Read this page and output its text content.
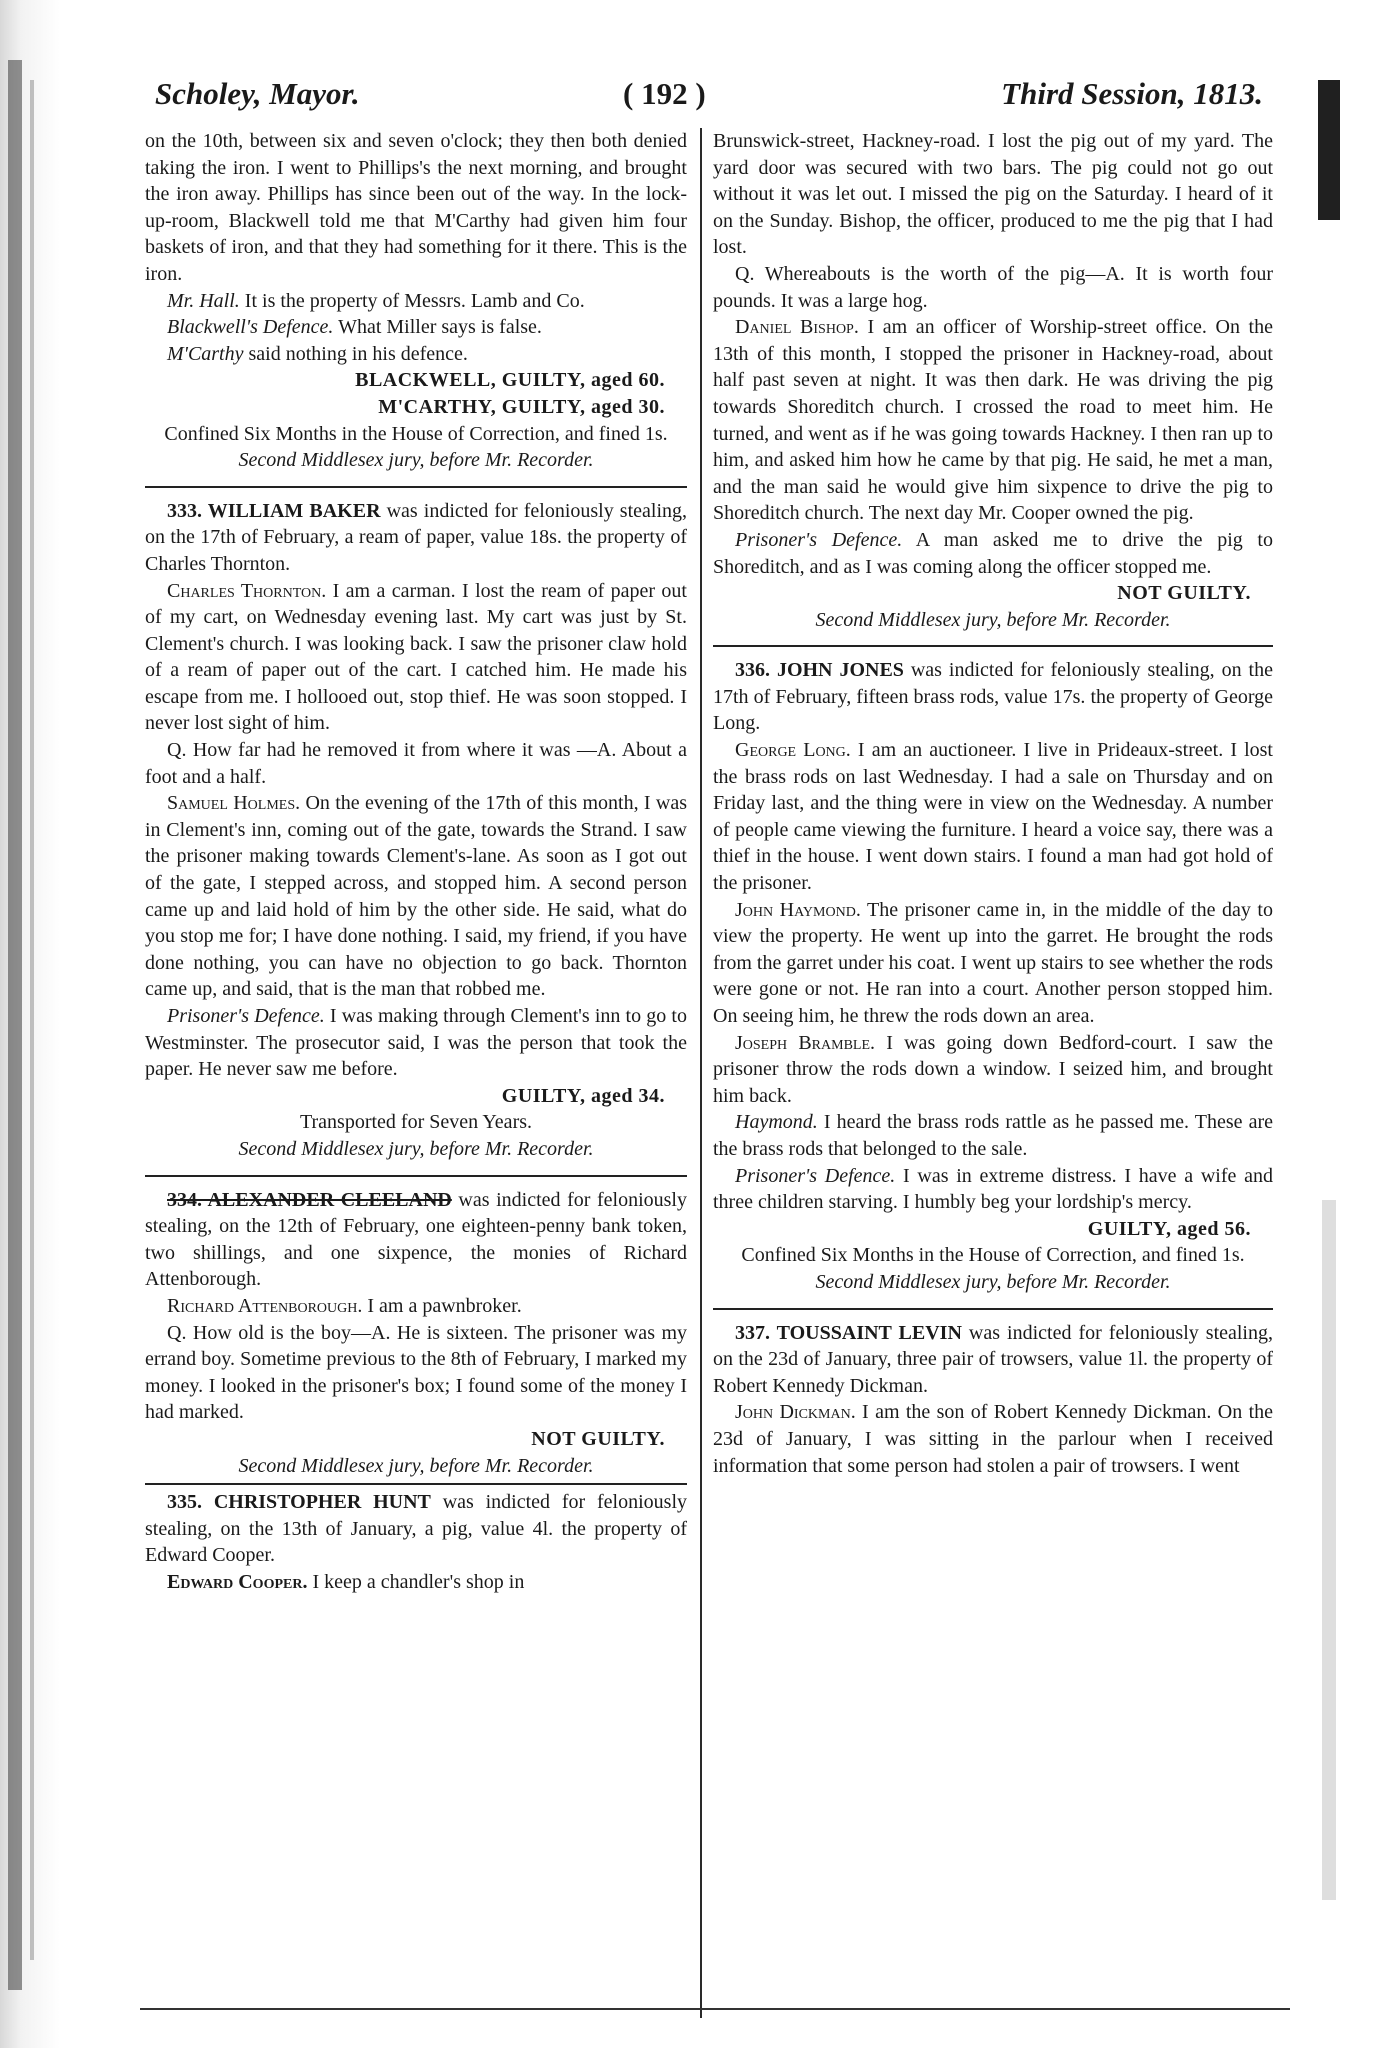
Scholey, Mayor.	( 192 )	Third Session, 1813.

on the 10th, between six and seven o'clock; they then both denied taking the iron. I went to Phillips's the next morning, and brought the iron away. Phillips has since been out of the way. In the lock-up-room, Blackwell told me that M'Carthy had given him four baskets of iron, and that they had something for it there. This is the iron.

Mr. Hall. It is the property of Messrs. Lamb and Co.

Blackwell's Defence. What Miller says is false.

M'Carthy said nothing in his defence.

BLACKWELL, GUILTY, aged 60.

M'CARTHY, GUILTY, aged 30.

Confined Six Months in the House of Correction, and fined 1s.

Second Middlesex jury, before Mr. Recorder.

333. WILLIAM BAKER was indicted for feloniously stealing, on the 17th of February, a ream of paper, value 18s. the property of Charles Thornton.

Charles Thornton. I am a carman. I lost the ream of paper out of my cart, on Wednesday evening last. My cart was just by St. Clement's church. I was looking back. I saw the prisoner claw hold of a ream of paper out of the cart. I catched him. He made his escape from me. I hollooed out, stop thief. He was soon stopped. I never lost sight of him.

Q. How far had he removed it from where it was —A. About a foot and a half.

Samuel Holmes. On the evening of the 17th of this month, I was in Clement's inn, coming out of the gate, towards the Strand. I saw the prisoner making towards Clement's-lane. As soon as I got out of the gate, I stepped across, and stopped him. A second person came up and laid hold of him by the other side. He said, what do you stop me for; I have done nothing. I said, my friend, if you have done nothing, you can have no objection to go back. Thornton came up, and said, that is the man that robbed me.

Prisoner's Defence. I was making through Clement's inn to go to Westminster. The prosecutor said, I was the person that took the paper. He never saw me before.

GUILTY, aged 34.

Transported for Seven Years.

Second Middlesex jury, before Mr. Recorder.

334. ALEXANDER CLEELAND was indicted for feloniously stealing, on the 12th of February, one eighteen-penny bank token, two shillings, and one sixpence, the monies of Richard Attenborough.

Richard Attenborough. I am a pawnbroker.

Q. How old is the boy—A. He is sixteen. The prisoner was my errand boy. Sometime previous to the 8th of February, I marked my money. I looked in the prisoner's box; I found some of the money I had marked.

NOT GUILTY.

Second Middlesex jury, before Mr. Recorder.

335. CHRISTOPHER HUNT was indicted for feloniously stealing, on the 13th of January, a pig, value 4l. the property of Edward Cooper.

Edward Cooper. I keep a chandler's shop in

Brunswick-street, Hackney-road. I lost the pig out of my yard. The yard door was secured with two bars. The pig could not go out without it was let out. I missed the pig on the Saturday. I heard of it on the Sunday. Bishop, the officer, produced to me the pig that I had lost.

Q. Whereabouts is the worth of the pig—A. It is worth four pounds. It was a large hog.

Daniel Bishop. I am an officer of Worship-street office. On the 13th of this month, I stopped the prisoner in Hackney-road, about half past seven at night. It was then dark. He was driving the pig towards Shoreditch church. I crossed the road to meet him. He turned, and went as if he was going towards Hackney. I then ran up to him, and asked him how he came by that pig. He said, he met a man, and the man said he would give him sixpence to drive the pig to Shoreditch church. The next day Mr. Cooper owned the pig.

Prisoner's Defence. A man asked me to drive the pig to Shoreditch, and as I was coming along the officer stopped me.

NOT GUILTY.

Second Middlesex jury, before Mr. Recorder.

336. JOHN JONES was indicted for feloniously stealing, on the 17th of February, fifteen brass rods, value 17s. the property of George Long.

George Long. I am an auctioneer. I live in Prideaux-street. I lost the brass rods on last Wednesday. I had a sale on Thursday and on Friday last, and the thing were in view on the Wednesday. A number of people came viewing the furniture. I heard a voice say, there was a thief in the house. I went down stairs. I found a man had got hold of the prisoner.

John Haymond. The prisoner came in, in the middle of the day to view the property. He went up into the garret. He brought the rods from the garret under his coat. I went up stairs to see whether the rods were gone or not. He ran into a court. Another person stopped him. On seeing him, he threw the rods down an area.

Joseph Bramble. I was going down Bedford-court. I saw the prisoner throw the rods down a window. I seized him, and brought him back.

Haymond. I heard the brass rods rattle as he passed me. These are the brass rods that belonged to the sale.

Prisoner's Defence. I was in extreme distress. I have a wife and three children starving. I humbly beg your lordship's mercy.

GUILTY, aged 56.

Confined Six Months in the House of Correction, and fined 1s.

Second Middlesex jury, before Mr. Recorder.

337. TOUSSAINT LEVIN was indicted for feloniously stealing, on the 23d of January, three pair of trowsers, value 1l. the property of Robert Kennedy Dickman.

John Dickman. I am the son of Robert Kennedy Dickman. On the 23d of January, I was sitting in the parlour when I received information that some person had stolen a pair of trowsers. I went
